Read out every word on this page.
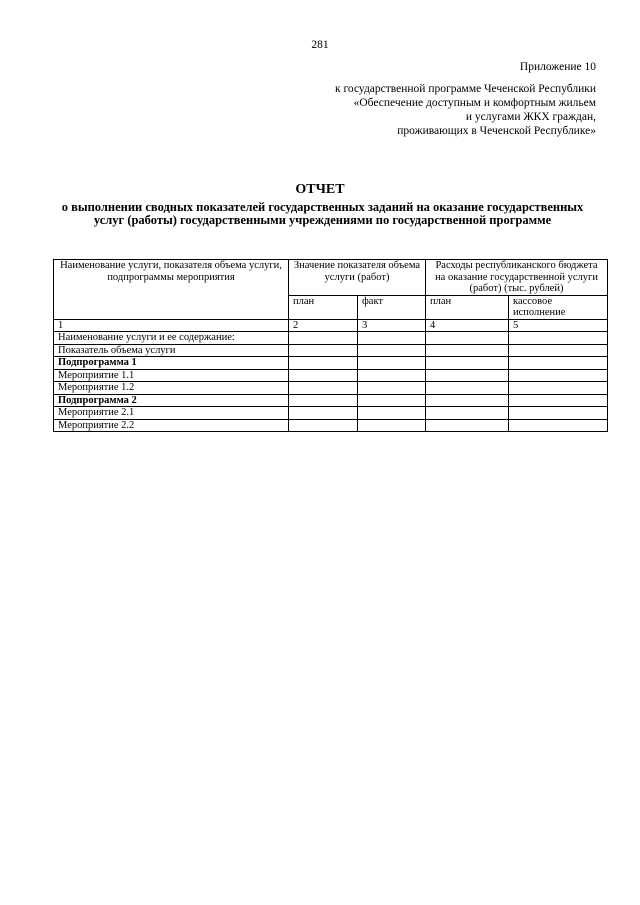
281
Приложение 10
к государственной программе Чеченской Республики
«Обеспечение доступным и комфортным жильем
и услугами ЖКХ граждан,
проживающих в Чеченской Республике»
ОТЧЕТ
о выполнении сводных показателей государственных заданий на оказание государственных услуг (работы) государственными учреждениями по государственной программе
Наименование услуги, показателя объема услуги, подпрограммы мероприятия	Значение показателя объема услуги (работ)		Расходы республиканского бюджета на оказание государственной услуги (работ) (тыс. рублей)	
	план	факт	план	кассовое исполнение
1	2	3	4	5
Наименование услуги и ее содержание:				
Показатель объема услуги				
Подпрограмма 1				
Мероприятие 1.1				
Мероприятие 1.2				
Подпрограмма 2				
Мероприятие 2.1				
Мероприятие 2.2				
